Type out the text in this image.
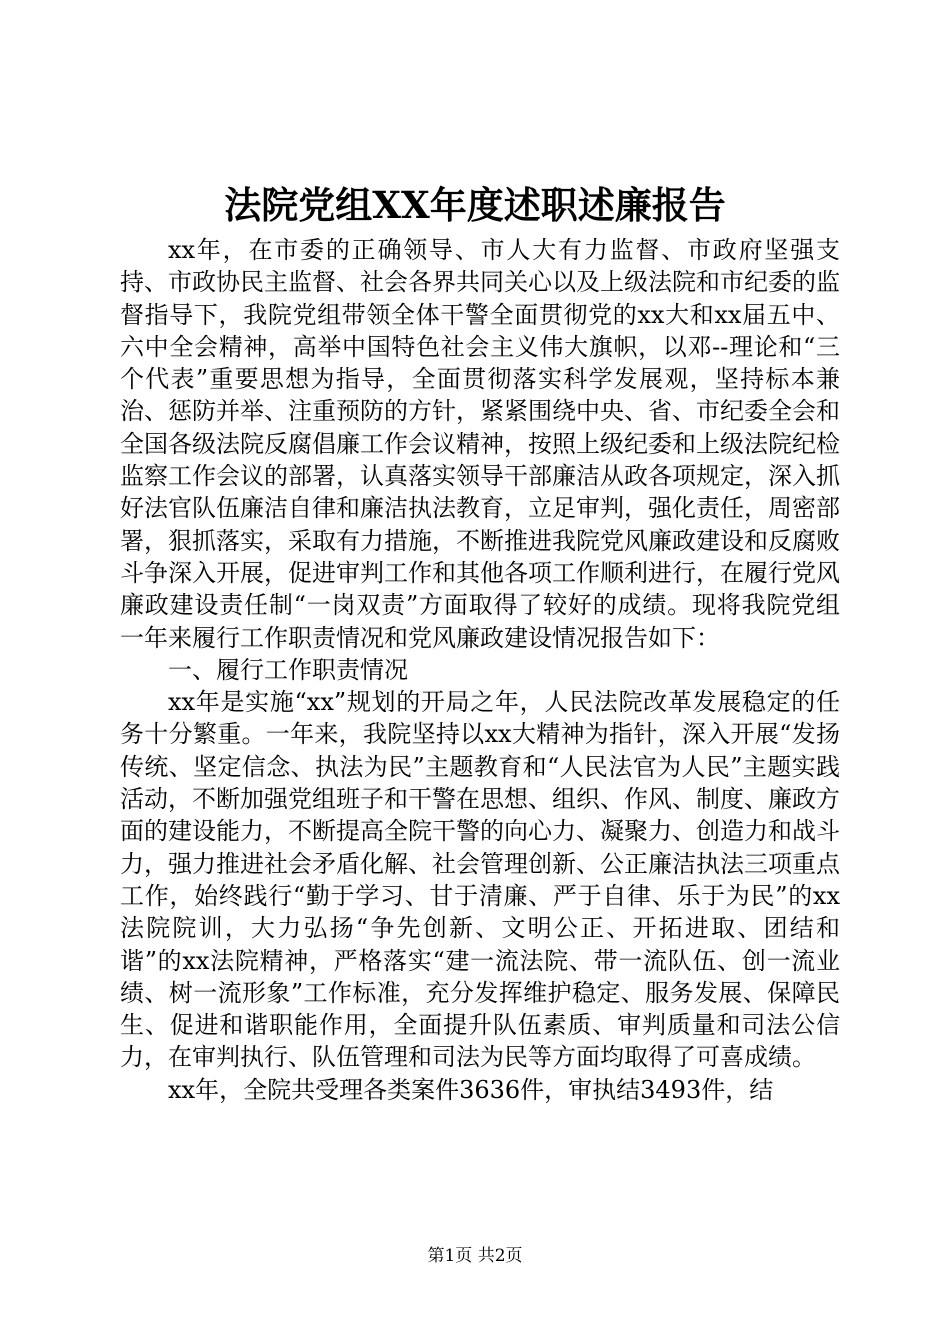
法院党组XX年度述职述廉报告

xx年，在市委的正确领导、市人大有力监督、市政府坚强支持、市政协民主监督、社会各界共同关心以及上级法院和市纪委的监督指导下，我院党组带领全体干警全面贯彻党的xx大和xx届五中、六中全会精神，高举中国特色社会主义伟大旗帜，以邓--理论和“三个代表”重要思想为指导，全面贯彻落实科学发展观，坚持标本兼治、惩防并举、注重预防的方针，紧紧围绕中央、省、市纪委全会和全国各级法院反腐倡廉工作会议精神，按照上级纪委和上级法院纪检监察工作会议的部署，认真落实领导干部廉洁从政各项规定，深入抓好法官队伍廉洁自律和廉洁执法教育，立足审判，强化责任，周密部署，狠抓落实，采取有力措施，不断推进我院党风廉政建设和反腐败斗争深入开展，促进审判工作和其他各项工作顺利进行，在履行党风廉政建设责任制“一岗双责”方面取得了较好的成绩。现将我院党组一年来履行工作职责情况和党风廉政建设情况报告如下：

一、履行工作职责情况

xx年是实施“xx”规划的开局之年，人民法院改革发展稳定的任务十分繁重。一年来，我院坚持以xx大精神为指针，深入开展“发扬传统、坚定信念、执法为民”主题教育和“人民法官为人民”主题实践活动，不断加强党组班子和干警在思想、组织、作风、制度、廉政方面的建设能力，不断提高全院干警的向心力、凝聚力、创造力和战斗力，强力推进社会矛盾化解、社会管理创新、公正廉洁执法三项重点工作，始终践行“勤于学习、甘于清廉、严于自律、乐于为民”的xx法院院训，大力弘扬“争先创新、文明公正、开拓进取、团结和谐”的xx法院精神，严格落实“建一流法院、带一流队伍、创一流业绩、树一流形象”工作标准，充分发挥维护稳定、服务发展、保障民生、促进和谐职能作用，全面提升队伍素质、审判质量和司法公信力，在审判执行、队伍管理和司法为民等方面均取得了可喜成绩。

xx年，全院共受理各类案件3636件，审执结3493件，结

第1页 共2页
